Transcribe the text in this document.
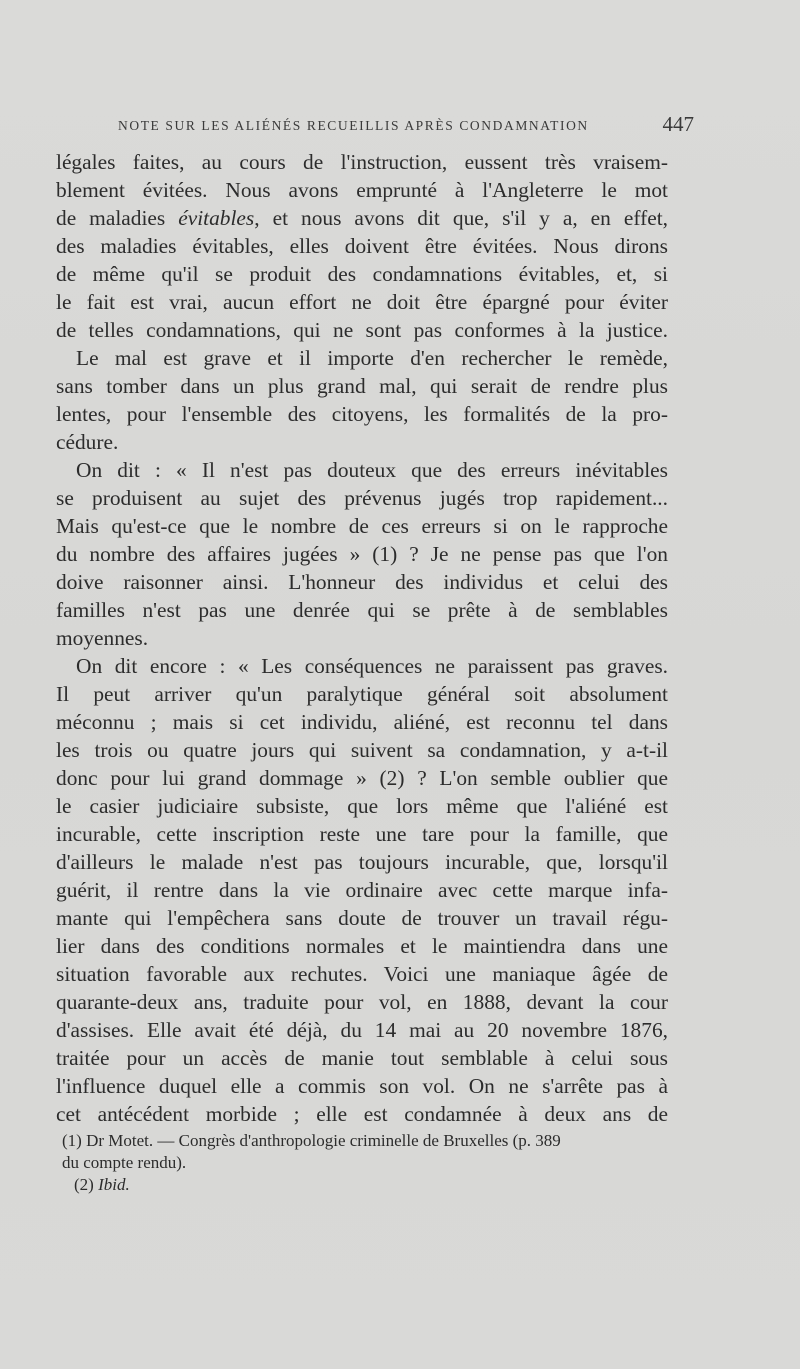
NOTE SUR LES ALIÉNÉS RECUEILLIS APRÈS CONDAMNATION	447
légales faites, au cours de l'instruction, eussent très vraisem-
blement évitées. Nous avons emprunté à l'Angleterre le mot
de maladies évitables, et nous avons dit que, s'il y a, en effet,
des maladies évitables, elles doivent être évitées. Nous dirons
de même qu'il se produit des condamnations évitables, et, si
le fait est vrai, aucun effort ne doit être épargné pour éviter
de telles condamnations, qui ne sont pas conformes à la justice.
Le mal est grave et il importe d'en rechercher le remède,
sans tomber dans un plus grand mal, qui serait de rendre plus
lentes, pour l'ensemble des citoyens, les formalités de la pro-
cédure.
On dit : « Il n'est pas douteux que des erreurs inévitables
se produisent au sujet des prévenus jugés trop rapidement...
Mais qu'est-ce que le nombre de ces erreurs si on le rapproche
du nombre des affaires jugées » (1) ? Je ne pense pas que l'on
doive raisonner ainsi. L'honneur des individus et celui des
familles n'est pas une denrée qui se prête à de semblables
moyennes.
On dit encore : « Les conséquences ne paraissent pas graves.
Il peut arriver qu'un paralytique général soit absolument
méconnu ; mais si cet individu, aliéné, est reconnu tel dans
les trois ou quatre jours qui suivent sa condamnation, y a-t-il
donc pour lui grand dommage » (2) ? L'on semble oublier que
le casier judiciaire subsiste, que lors même que l'aliéné est
incurable, cette inscription reste une tare pour la famille, que
d'ailleurs le malade n'est pas toujours incurable, que, lorsqu'il
guérit, il rentre dans la vie ordinaire avec cette marque infa-
mante qui l'empêchera sans doute de trouver un travail régu-
lier dans des conditions normales et le maintiendra dans une
situation favorable aux rechutes. Voici une maniaque âgée de
quarante-deux ans, traduite pour vol, en 1888, devant la cour
d'assises. Elle avait été déjà, du 14 mai au 20 novembre 1876,
traitée pour un accès de manie tout semblable à celui sous
l'influence duquel elle a commis son vol. On ne s'arrête pas à
cet antécédent morbide ; elle est condamnée à deux ans de
(1) Dr Motet. — Congrès d'anthropologie criminelle de Bruxelles (p. 389
du compte rendu).
(2) Ibid.
